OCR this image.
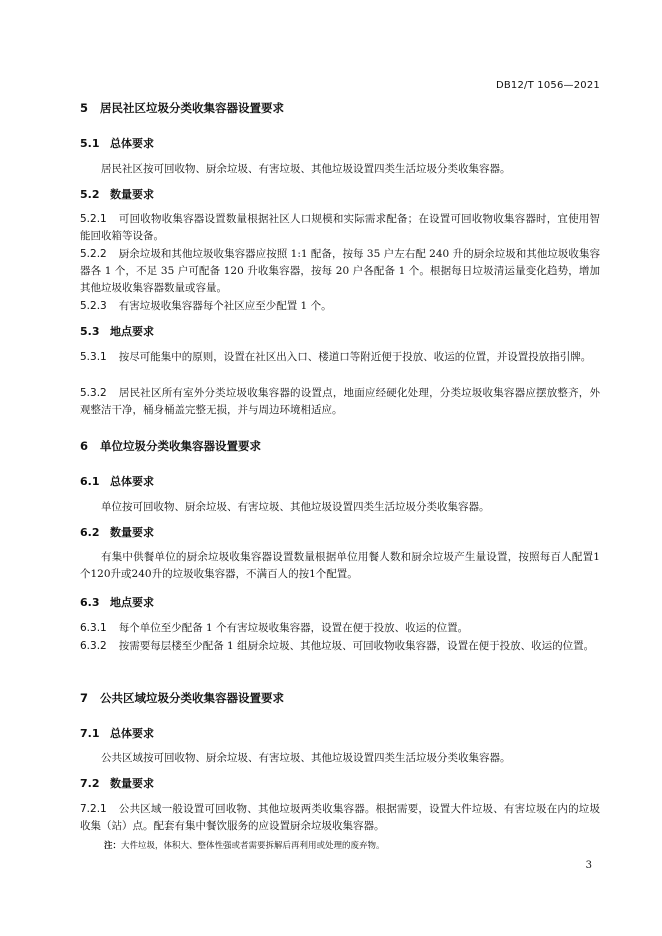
DB12/T 1056—2021
5 居民社区垃圾分类收集容器设置要求
5.1 总体要求
居民社区按可回收物、厨余垃圾、有害垃圾、其他垃圾设置四类生活垃圾分类收集容器。
5.2 数量要求
5.2.1 可回收物收集容器设置数量根据社区人口规模和实际需求配备；在设置可回收物收集容器时，宜使用智能回收箱等设备。
5.2.2 厨余垃圾和其他垃圾收集容器应按照 1:1 配备，按每 35 户左右配 240 升的厨余垃圾和其他垃圾收集容器各 1 个，不足 35 户可配备 120 升收集容器，按每 20 户各配备 1 个。根据每日垃圾清运量变化趋势，增加其他垃圾收集容器数量或容量。
5.2.3 有害垃圾收集容器每个社区应至少配置 1 个。
5.3 地点要求
5.3.1 按尽可能集中的原则，设置在社区出入口、楼道口等附近便于投放、收运的位置，并设置投放指引牌。
5.3.2 居民社区所有室外分类垃圾收集容器的设置点，地面应经硬化处理，分类垃圾收集容器应摆放整齐，外观整洁干净，桶身桶盖完整无损，并与周边环境相适应。
6 单位垃圾分类收集容器设置要求
6.1 总体要求
单位按可回收物、厨余垃圾、有害垃圾、其他垃圾设置四类生活垃圾分类收集容器。
6.2 数量要求
有集中供餐单位的厨余垃圾收集容器设置数量根据单位用餐人数和厨余垃圾产生量设置，按照每百人配置1个120升或240升的垃圾收集容器，不满百人的按1个配置。
6.3 地点要求
6.3.1 每个单位至少配备 1 个有害垃圾收集容器，设置在便于投放、收运的位置。
6.3.2 按需要每层楼至少配备 1 组厨余垃圾、其他垃圾、可回收物收集容器，设置在便于投放、收运的位置。
7 公共区域垃圾分类收集容器设置要求
7.1 总体要求
公共区域按可回收物、厨余垃圾、有害垃圾、其他垃圾设置四类生活垃圾分类收集容器。
7.2 数量要求
7.2.1 公共区域一般设置可回收物、其他垃圾两类收集容器。根据需要，设置大件垃圾、有害垃圾在内的垃圾收集（站）点。配套有集中餐饮服务的应设置厨余垃圾收集容器。
注：大件垃圾，体积大、整体性强或者需要拆解后再利用或处理的废弃物。
3
